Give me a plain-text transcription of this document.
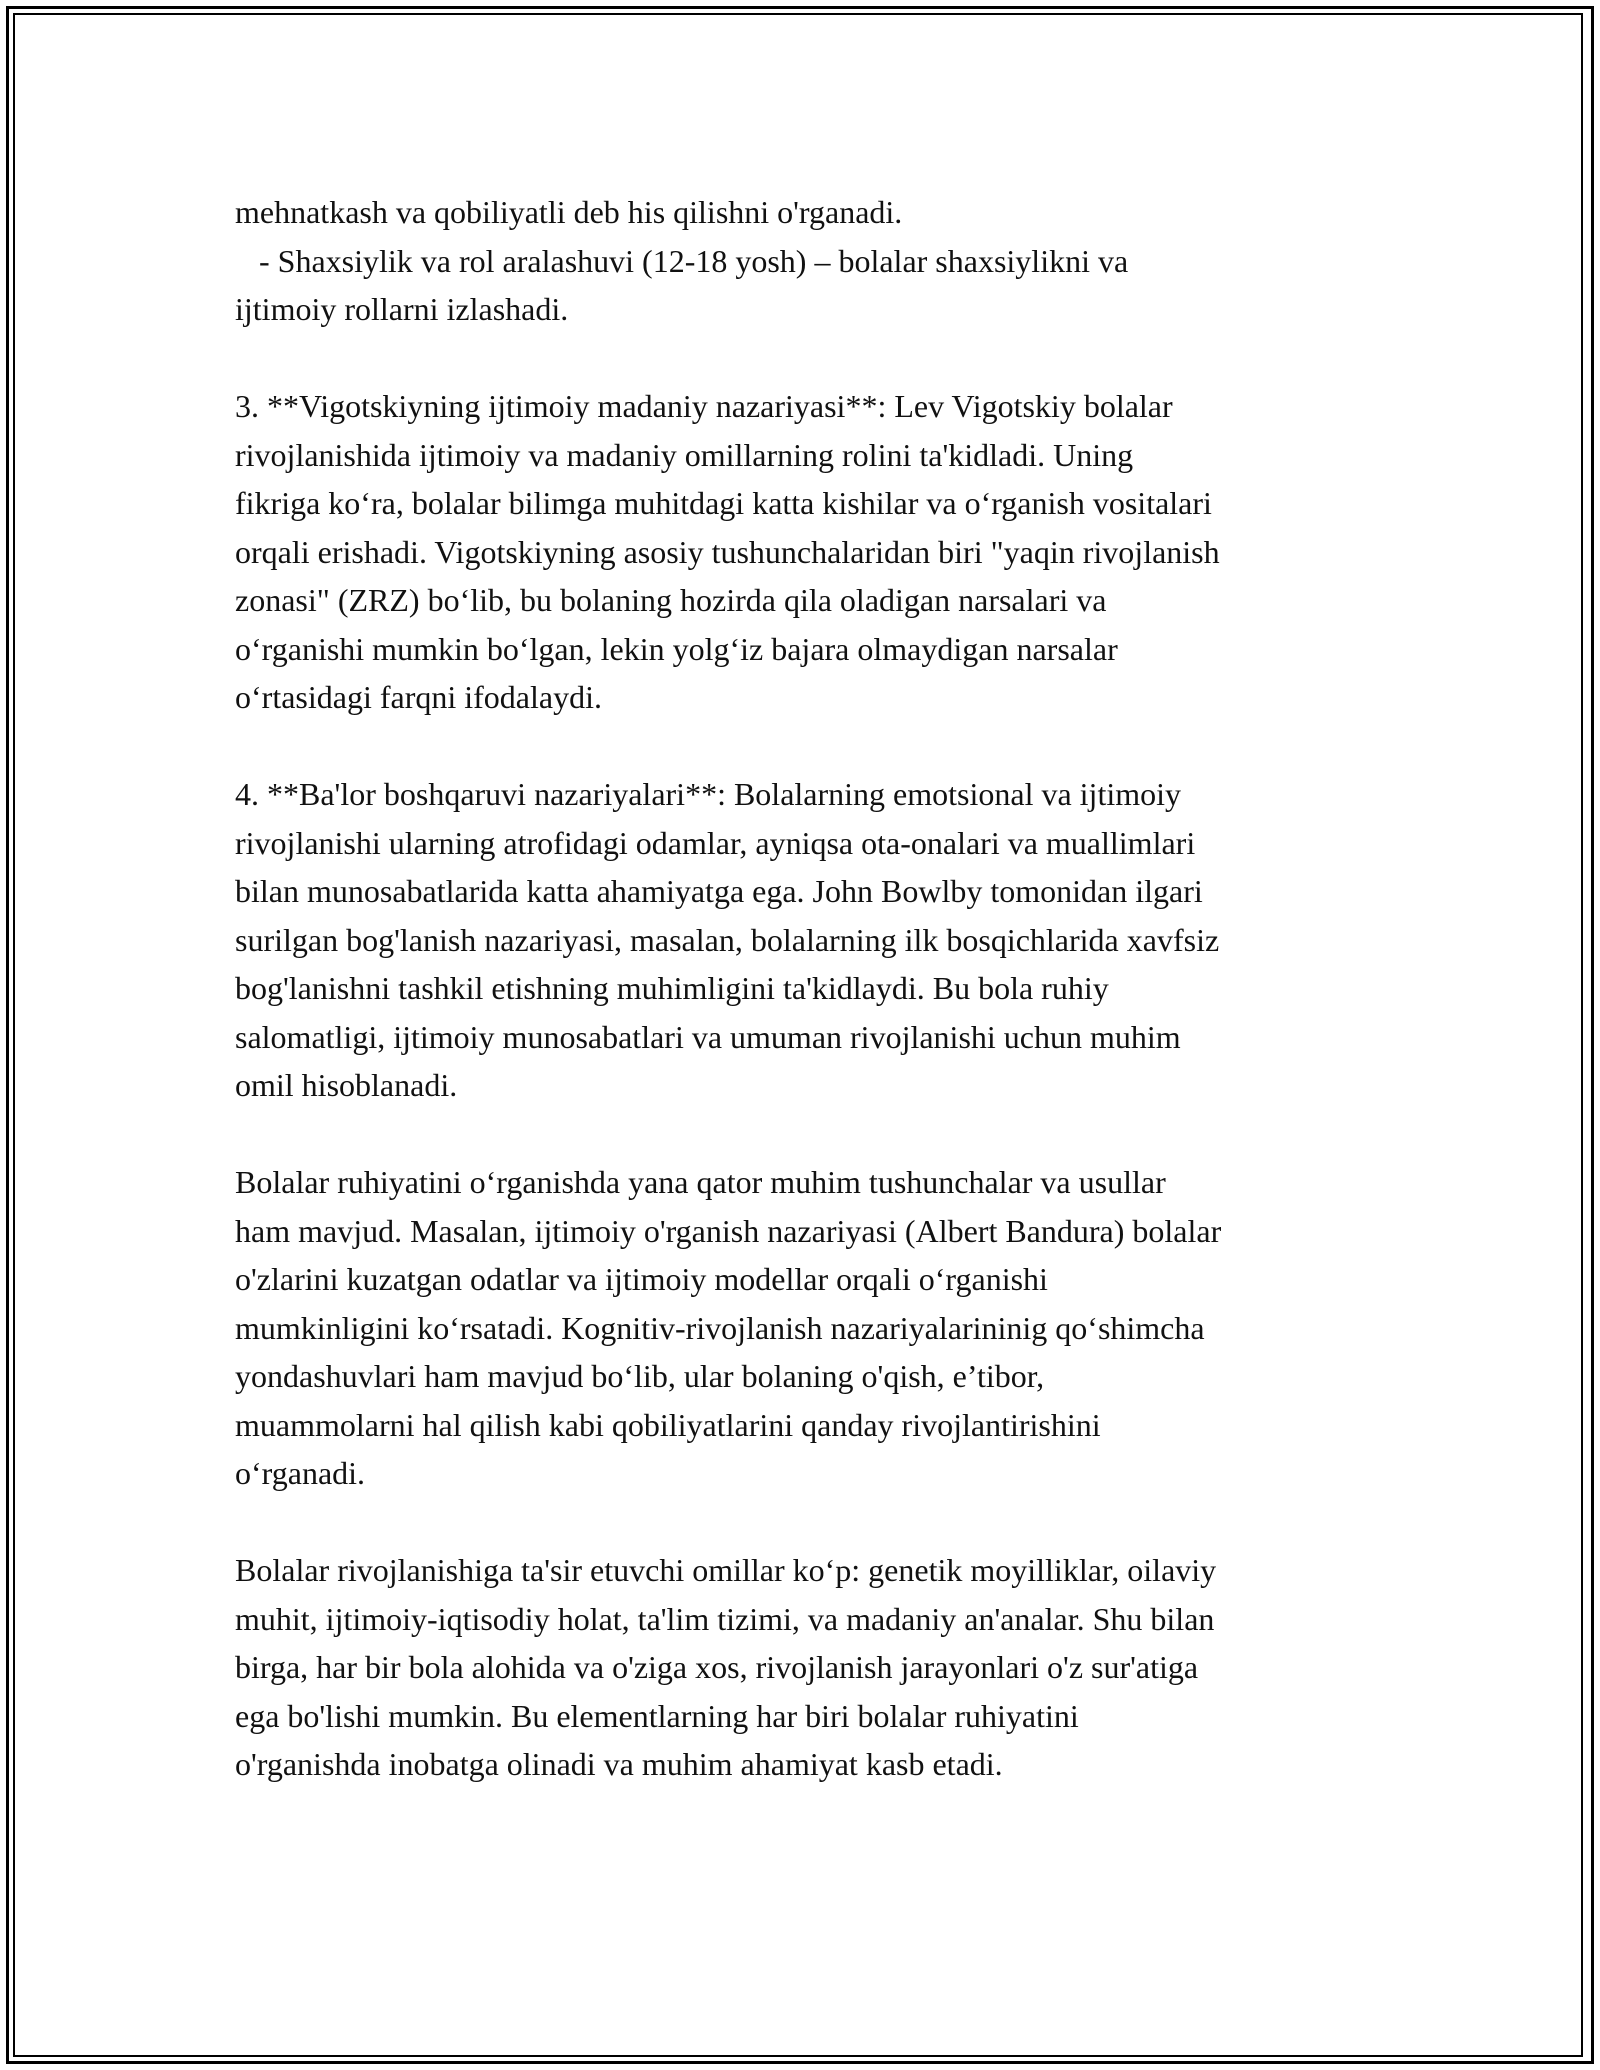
mehnatkash va qobiliyatli deb his qilishni o'rganadi.
- Shaxsiylik va rol aralashuvi (12-18 yosh) – bolalar shaxsiylikni va
ijtimoiy rollarni izlashadi.
3. **Vigotskiyning ijtimoiy madaniy nazariyasi**: Lev Vigotskiy bolalar
rivojlanishida ijtimoiy va madaniy omillarning rolini ta'kidladi. Uning
fikriga ko‘ra, bolalar bilimga muhitdagi katta kishilar va o‘rganish vositalari
orqali erishadi. Vigotskiyning asosiy tushunchalaridan biri "yaqin rivojlanish
zonasi" (ZRZ) bo‘lib, bu bolaning hozirda qila oladigan narsalari va
o‘rganishi mumkin bo‘lgan, lekin yolg‘iz bajara olmaydigan narsalar
o‘rtasidagi farqni ifodalaydi.
4. **Ba'lor boshqaruvi nazariyalari**: Bolalarning emotsional va ijtimoiy
rivojlanishi ularning atrofidagi odamlar, ayniqsa ota-onalari va muallimlari
bilan munosabatlarida katta ahamiyatga ega. John Bowlby tomonidan ilgari
surilgan bog'lanish nazariyasi, masalan, bolalarning ilk bosqichlarida xavfsiz
bog'lanishni tashkil etishning muhimligini ta'kidlaydi. Bu bola ruhiy
salomatligi, ijtimoiy munosabatlari va umuman rivojlanishi uchun muhim
omil hisoblanadi.
Bolalar ruhiyatini o‘rganishda yana qator muhim tushunchalar va usullar
ham mavjud. Masalan, ijtimoiy o'rganish nazariyasi (Albert Bandura) bolalar
o'zlarini kuzatgan odatlar va ijtimoiy modellar orqali o‘rganishi
mumkinligini ko‘rsatadi. Kognitiv-rivojlanish nazariyalarininig qo‘shimcha
yondashuvlari ham mavjud bo‘lib, ular bolaning o'qish, e’tibor,
muammolarni hal qilish kabi qobiliyatlarini qanday rivojlantirishini
o‘rganadi.
Bolalar rivojlanishiga ta'sir etuvchi omillar ko‘p: genetik moyilliklar, oilaviy
muhit, ijtimoiy-iqtisodiy holat, ta'lim tizimi, va madaniy an'analar. Shu bilan
birga, har bir bola alohida va o'ziga xos, rivojlanish jarayonlari o'z sur'atiga
ega bo'lishi mumkin. Bu elementlarning har biri bolalar ruhiyatini
o'rganishda inobatga olinadi va muhim ahamiyat kasb etadi.
